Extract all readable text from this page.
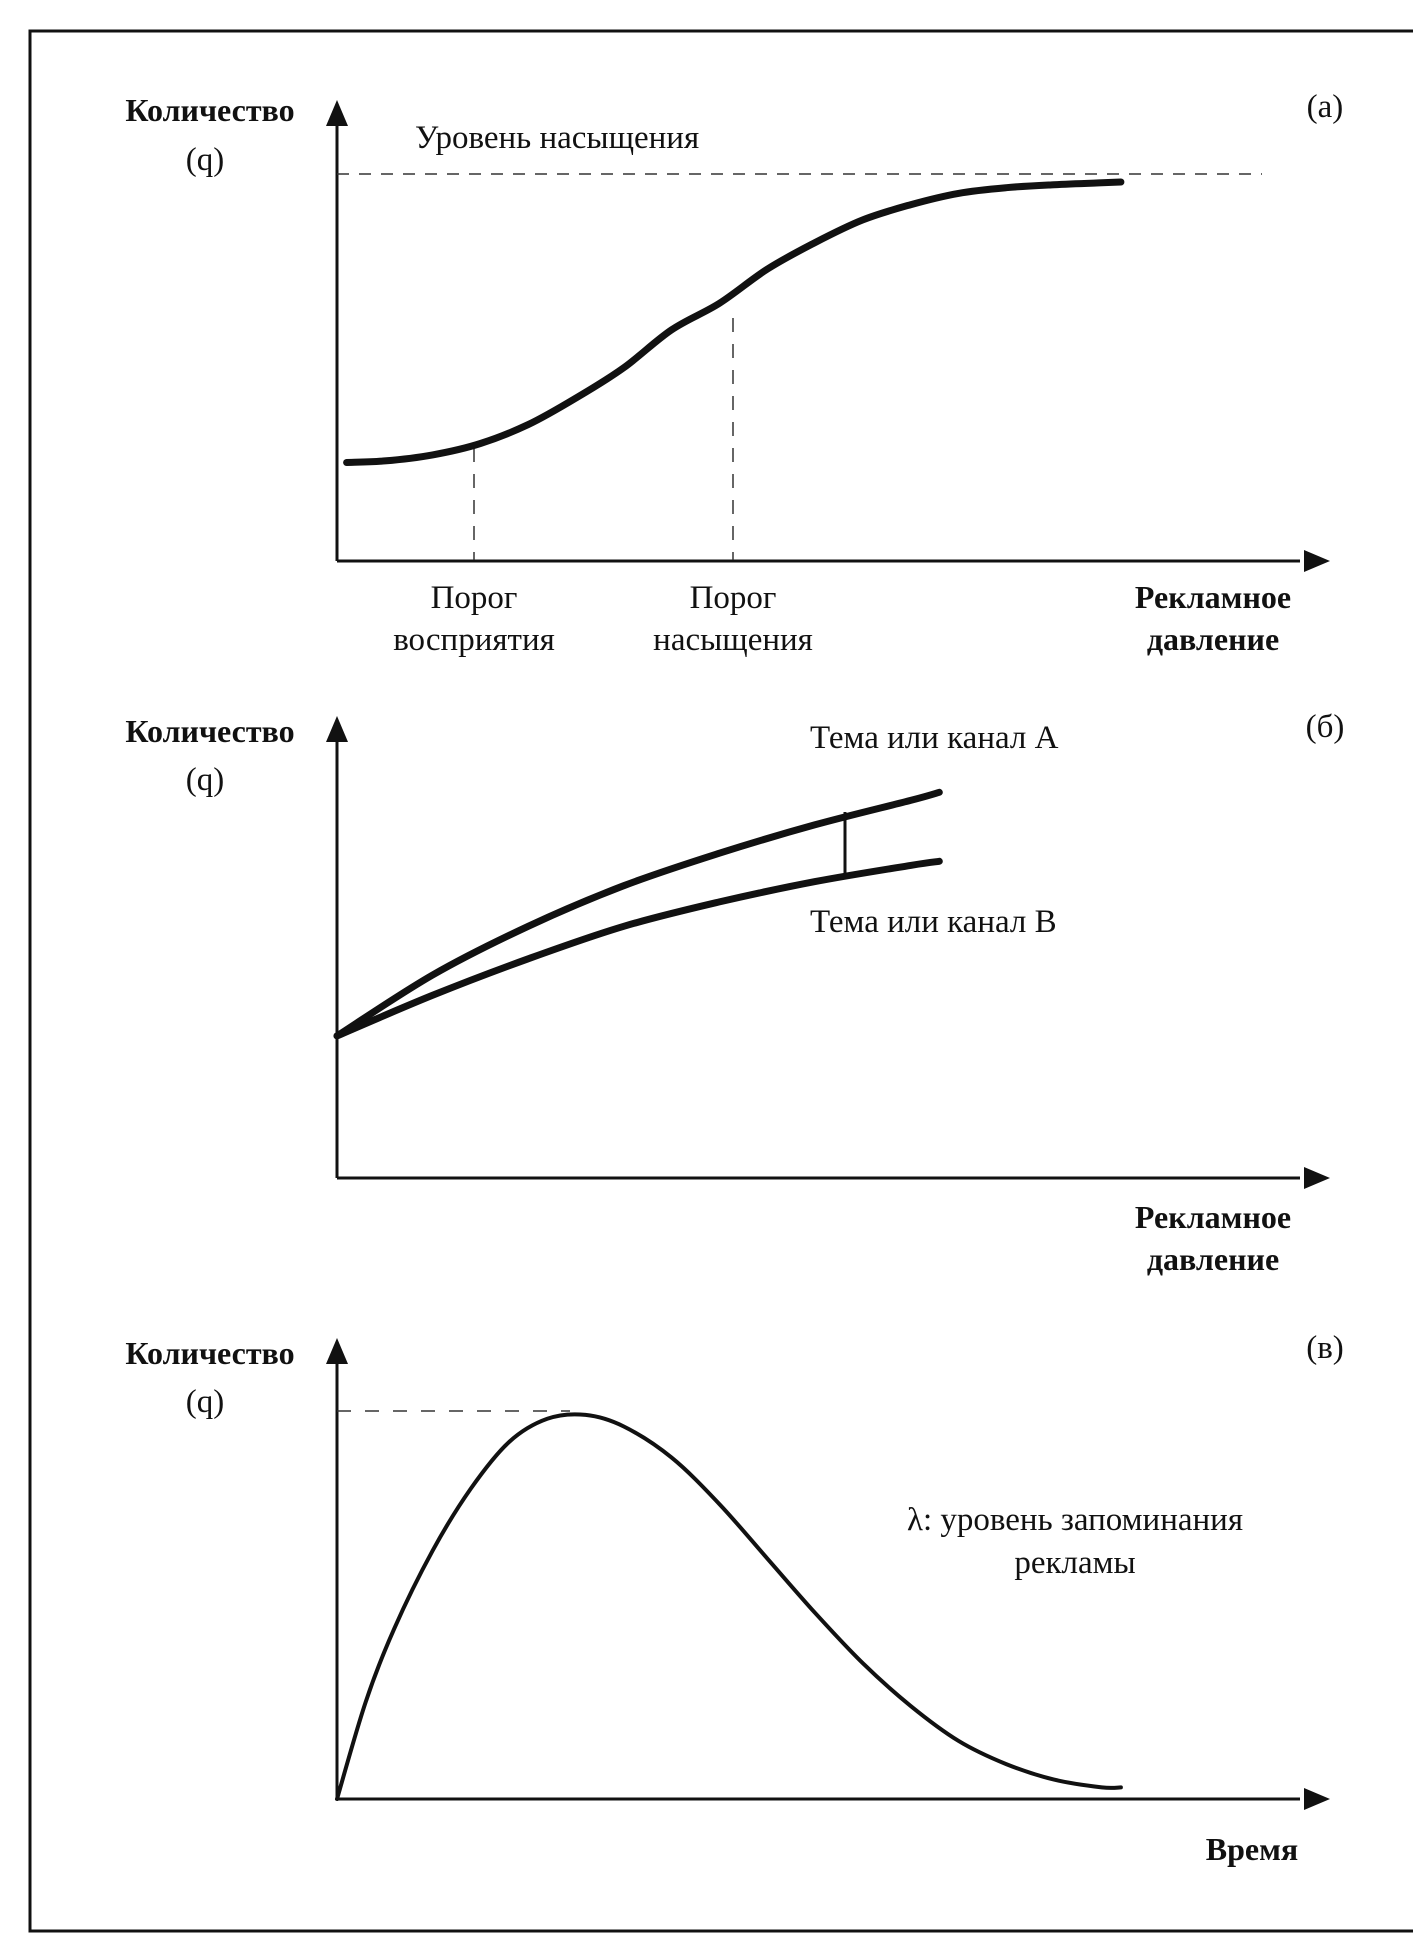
Количество
(q)
(a)
Уровень насыщения
Порог
восприятия
Порог
насыщения
Рекламное
давление
Количество
(q)
(б)
Тема или канал А
Тема или канал В
Рекламное
давление
Количество
(q)
(в)
λ: уровень запоминания
рекламы
Время
